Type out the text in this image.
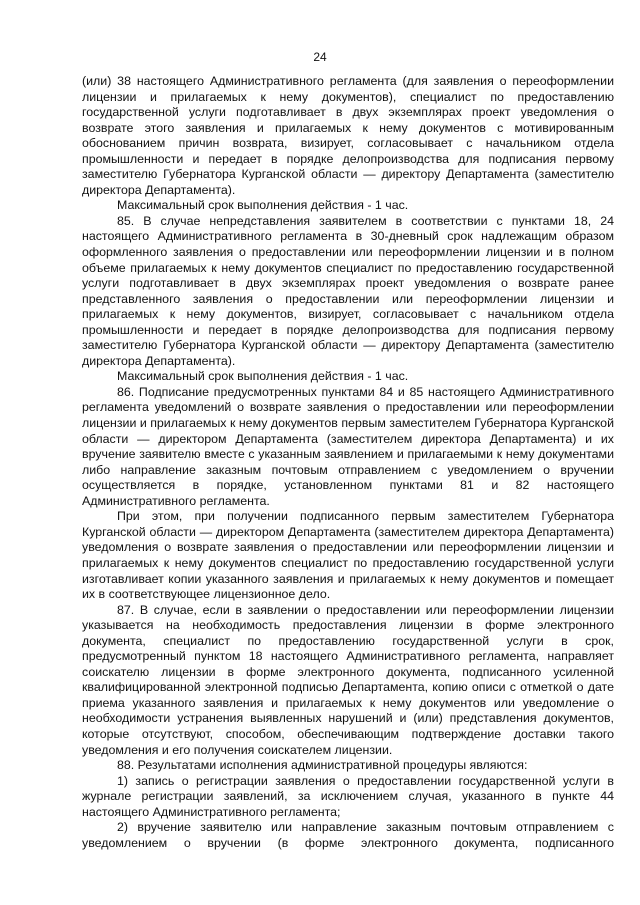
24

(или) 38 настоящего Административного регламента (для заявления о переоформлении лицензии и прилагаемых к нему документов), специалист по предоставлению государственной услуги подготавливает в двух экземплярах проект уведомления о возврате этого заявления и прилагаемых к нему документов с мотивированным обоснованием причин возврата, визирует, согласовывает с начальником отдела промышленности и передает в порядке делопроизводства для подписания первому заместителю Губернатора Курганской области — директору Департамента (заместителю директора Департамента).

Максимальный срок выполнения действия - 1 час.

85. В случае непредставления заявителем в соответствии с пунктами 18, 24 настоящего Административного регламента в 30-дневный срок надлежащим образом оформленного заявления о предоставлении или переоформлении лицензии и в полном объеме прилагаемых к нему документов специалист по предоставлению государственной услуги подготавливает в двух экземплярах проект уведомления о возврате ранее представленного заявления о предоставлении или переоформлении лицензии и прилагаемых к нему документов, визирует, согласовывает с начальником отдела промышленности и передает в порядке делопроизводства для подписания первому заместителю Губернатора Курганской области — директору Департамента (заместителю директора Департамента).

Максимальный срок выполнения действия - 1 час.

86. Подписание предусмотренных пунктами 84 и 85 настоящего Административного регламента уведомлений о возврате заявления о предоставлении или переоформлении лицензии и прилагаемых к нему документов первым заместителем Губернатора Курганской области — директором Департамента (заместителем директора Департамента) и их вручение заявителю вместе с указанным заявлением и прилагаемыми к нему документами либо направление заказным почтовым отправлением с уведомлением о вручении осуществляется в порядке, установленном пунктами 81 и 82 настоящего Административного регламента.

При этом, при получении подписанного первым заместителем Губернатора Курганской области — директором Департамента (заместителем директора Департамента) уведомления о возврате заявления о предоставлении или переоформлении лицензии и прилагаемых к нему документов специалист по предоставлению государственной услуги изготавливает копии указанного заявления и прилагаемых к нему документов и помещает их в соответствующее лицензионное дело.

87. В случае, если в заявлении о предоставлении или переоформлении лицензии указывается на необходимость предоставления лицензии в форме электронного документа, специалист по предоставлению государственной услуги в срок, предусмотренный пунктом 18 настоящего Административного регламента, направляет соискателю лицензии в форме электронного документа, подписанного усиленной квалифицированной электронной подписью Департамента, копию описи с отметкой о дате приема указанного заявления и прилагаемых к нему документов или уведомление о необходимости устранения выявленных нарушений и (или) представления документов, которые отсутствуют, способом, обеспечивающим подтверждение доставки такого уведомления и его получения соискателем лицензии.

88. Результатами исполнения административной процедуры являются:

1) запись о регистрации заявления о предоставлении государственной услуги в журнале регистрации заявлений, за исключением случая, указанного в пункте 44 настоящего Административного регламента;

2) вручение заявителю или направление заказным почтовым отправлением с уведомлением о вручении (в форме электронного документа, подписанного
